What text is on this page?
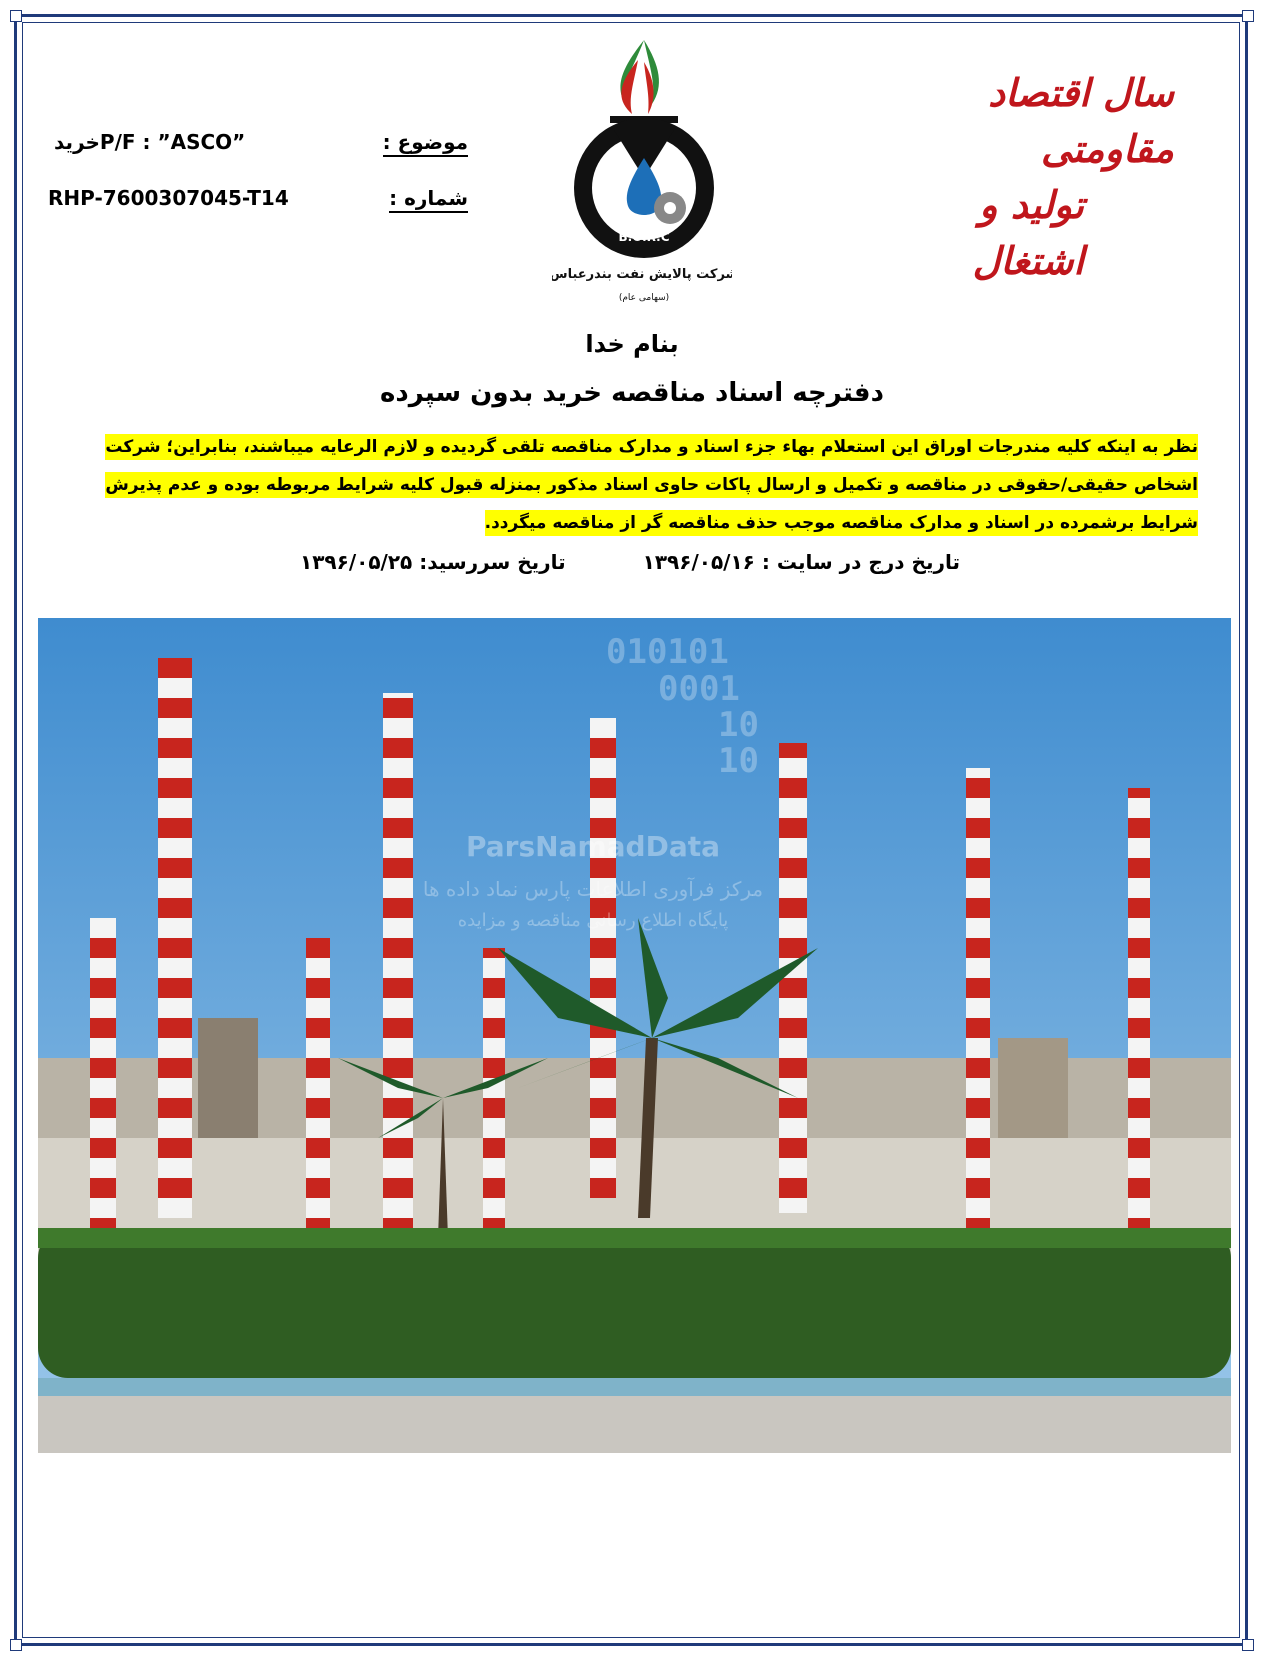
سال اقتصاد مقاومتی
تولید و اشتغال
خریدP/F : ”ASCO”	موضوع :
RHP-7600307045-T14	شماره :
B.O.R.C
شرکت پالایش نفت بندرعباس
(سهامی عام)
بنام خدا
دفترچه اسناد مناقصه خرید بدون سپرده
نظر به اینکه کلیه مندرجات اوراق این استعلام بهاء جزء اسناد و مدارک مناقصه تلقی گردیده و لازم الرعایه میباشند، بنابراین؛ شرکت اشخاص حقیقی/حقوقی در مناقصه و تکمیل و ارسال پاکات حاوی اسناد مذکور بمنزله قبول کلیه شرایط مربوطه بوده و عدم پذیرش شرایط برشمرده در اسناد و مدارک مناقصه موجب حذف مناقصه گر از مناقصه میگردد.
تاریخ درج در سایت : ۱۳۹۶/۰۵/۱۶
تاریخ سررسید: ۱۳۹۶/۰۵/۲۵
010101
0001
10
10
ParsNamadData
مرکز فرآوری اطلاعات پارس نماد داده ها
پایگاه اطلاع رسانی مناقصه و مزایده
